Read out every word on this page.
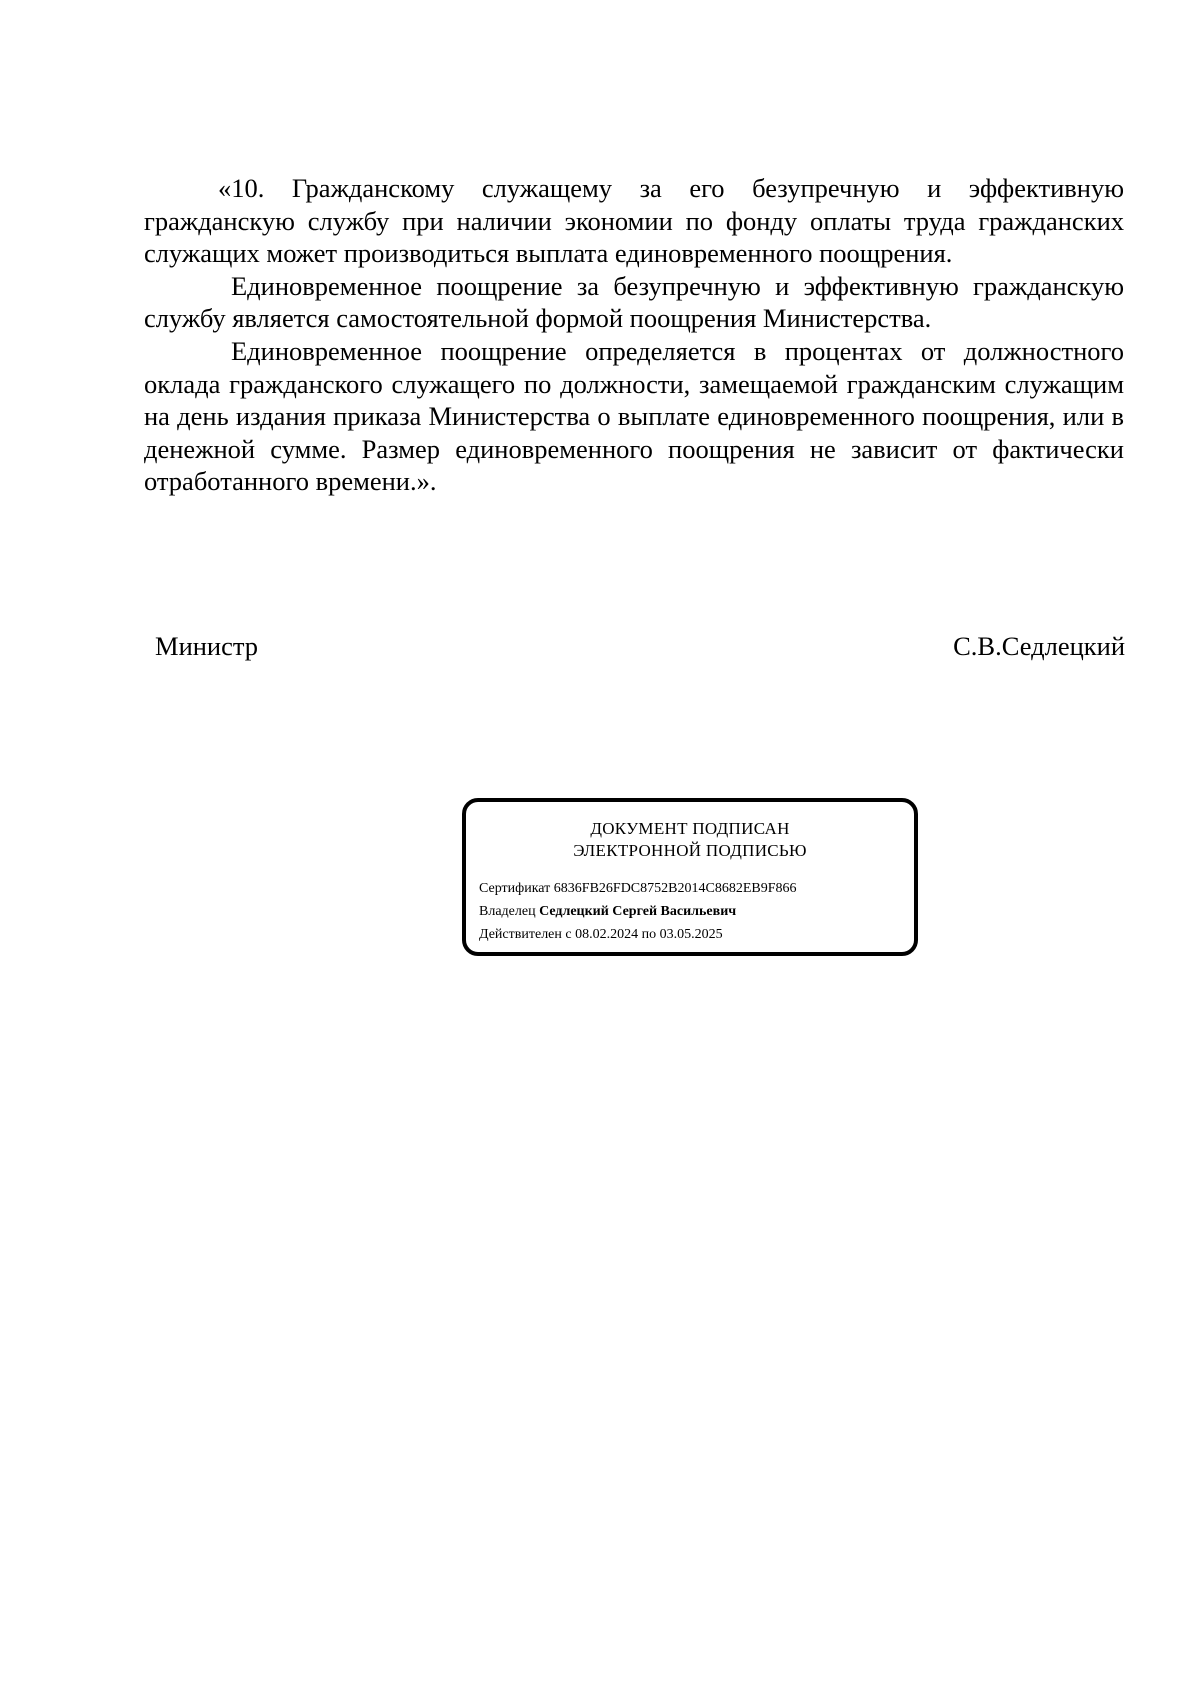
«10. Гражданскому служащему за его безупречную и эффективную гражданскую службу при наличии экономии по фонду оплаты труда гражданских служащих может производиться выплата единовременного поощрения.

Единовременное поощрение за безупречную и эффективную гражданскую службу является самостоятельной формой поощрения Министерства.

Единовременное поощрение определяется в процентах от должностного оклада гражданского служащего по должности, замещаемой гражданским служащим на день издания приказа Министерства о выплате единовременного поощрения, или в денежной сумме. Размер единовременного поощрения не зависит от фактически отработанного времени.».

Министр	С.В.Седлецкий
ДОКУМЕНТ ПОДПИСАН
ЭЛЕКТРОННОЙ ПОДПИСЬЮ
Сертификат 6836FB26FDC8752B2014C8682EB9F866
Владелец Седлецкий Сергей Васильевич
Действителен с 08.02.2024 по 03.05.2025
